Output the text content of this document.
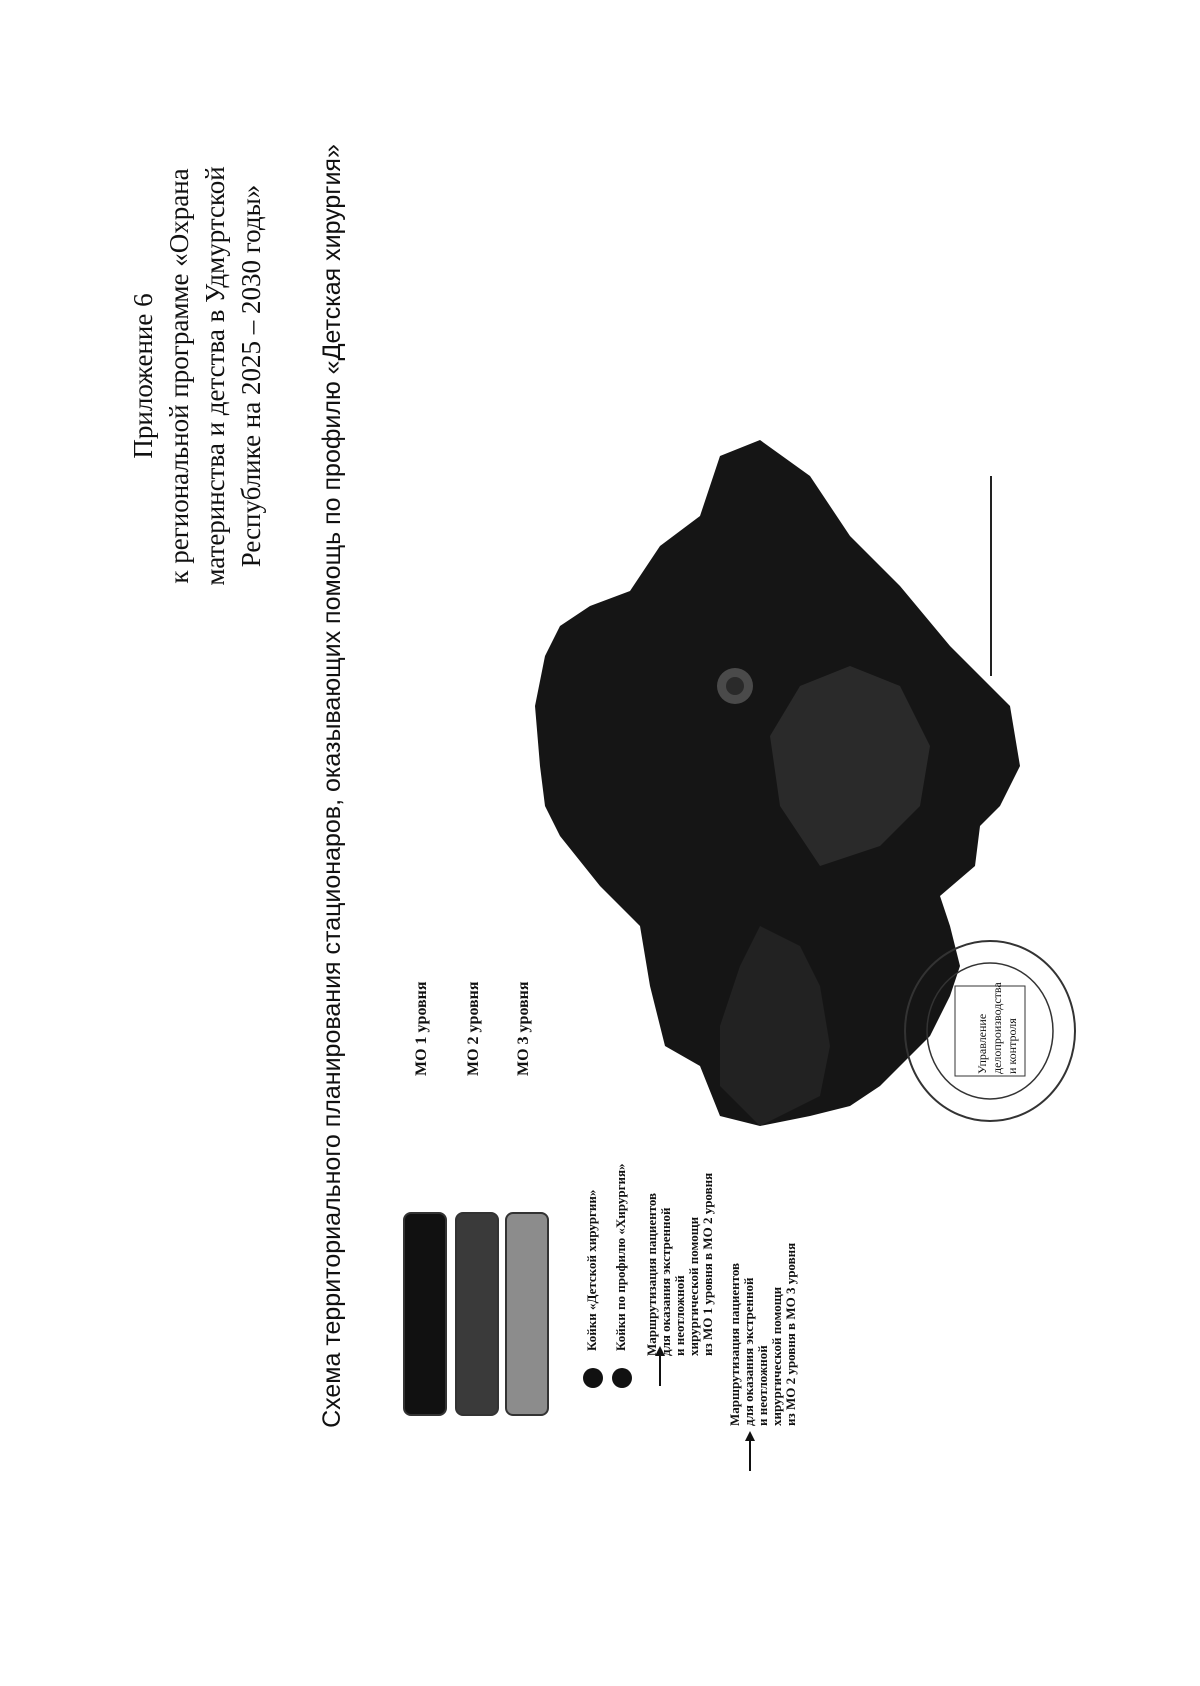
Приложение 6 к региональной программе «Охрана материнства и детства в Удмуртской Республике на 2025 – 2030 годы» Схема территориального планирования стационаров, оказывающих помощь по профилю «Детская хирургия»	МО 1 уровня МО 2 уровня МО 3 уровня
Койки «Детской хирургии» Койки по профилю «Хирургия» Маршрутизация пациентов для оказания экстренной и неотложной хирургической помощи из МО 1 уровня в МО 2 уровня Маршрутизация пациентов для оказания экстренной и неотложной хирургической помощи из МО 2 уровня в МО 3 уровня
Управление делопроизводства и контроля
